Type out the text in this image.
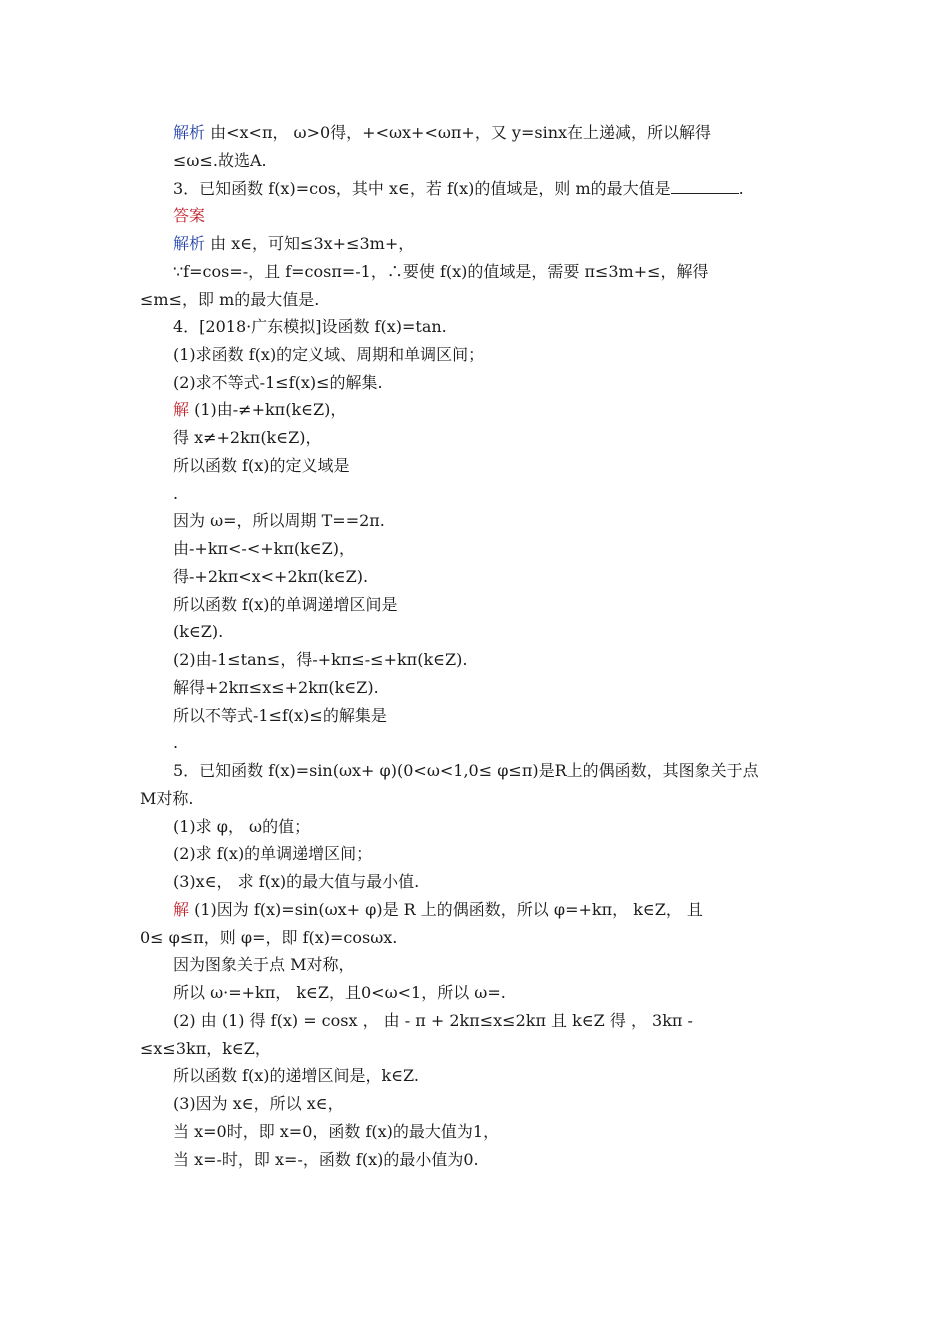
解析 由<x<π， ω>0得，+<ωx+<ωπ+，又 y=sinx在上递减，所以解得
≤ω≤.故选A.
3．已知函数 f(x)=cos，其中 x∈，若 f(x)的值域是，则 m的最大值是	.
答案
解析 由 x∈，可知≤3x+≤3m+，
∵f=cos=-，且 f=cosπ=-1，∴要使 f(x)的值域是，需要 π≤3m+≤，解得
≤m≤，即 m的最大值是.
4．[2018·广东模拟]设函数 f(x)=tan.
(1)求函数 f(x)的定义域、周期和单调区间；
(2)求不等式-1≤f(x)≤的解集.
解 (1)由-≠+kπ(k∈Z)，
得 x≠+2kπ(k∈Z)，
所以函数 f(x)的定义域是
.
因为 ω=，所以周期 T==2π.
由-+kπ<-<+kπ(k∈Z)，
得-+2kπ<x<+2kπ(k∈Z).
所以函数 f(x)的单调递增区间是
(k∈Z).
(2)由-1≤tan≤，得-+kπ≤-≤+kπ(k∈Z).
解得+2kπ≤x≤+2kπ(k∈Z).
所以不等式-1≤f(x)≤的解集是
.
5．已知函数 f(x)=sin(ωx+ φ)(0<ω<1,0≤ φ≤π)是R上的偶函数，其图象关于点
M对称.
(1)求 φ， ω的值；
(2)求 f(x)的单调递增区间；
(3)x∈， 求 f(x)的最大值与最小值.
解 (1)因为 f(x)=sin(ωx+ φ)是 R 上的偶函数，所以 φ=+kπ， k∈Z， 且
0≤ φ≤π，则 φ=，即 f(x)=cosωx.
因为图象关于点 M对称，
所以 ω·=+kπ， k∈Z，且0<ω<1，所以 ω=.
(2) 由 (1) 得 f(x) = cosx ， 由 - π + 2kπ≤x≤2kπ 且 k∈Z 得 ， 3kπ -
≤x≤3kπ，k∈Z，
所以函数 f(x)的递增区间是，k∈Z.
(3)因为 x∈，所以 x∈，
当 x=0时，即 x=0，函数 f(x)的最大值为1，
当 x=-时，即 x=-，函数 f(x)的最小值为0.
